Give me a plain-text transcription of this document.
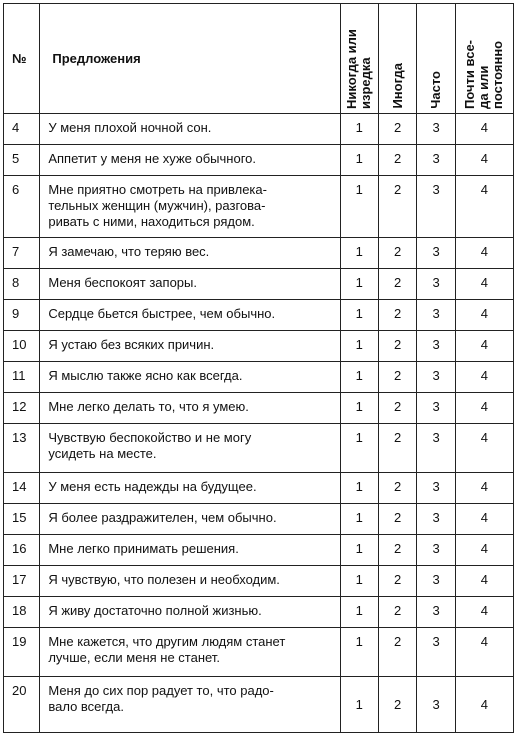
№	Предложения	Никогда или изредка	Иногда	Часто	Почти все-
да или
постоянно

4	У меня плохой ночной сон.	1	2	3	4
5	Аппетит у меня не хуже обычного.	1	2	3	4
6	Мне приятно смотреть на привлека-
тельных женщин (мужчин), разгова-
ривать с ними, находиться рядом.	1	2	3	4
7	Я замечаю, что теряю вес.	1	2	3	4
8	Меня беспокоят запоры.	1	2	3	4
9	Сердце бьется быстрее, чем обычно.	1	2	3	4
10	Я устаю без всяких причин.	1	2	3	4
11	Я мыслю также ясно как всегда.	1	2	3	4
12	Мне легко делать то, что я умею.	1	2	3	4
13	Чувствую беспокойство и не могу
усидеть на месте.	1	2	3	4
14	У меня есть надежды на будущее.	1	2	3	4
15	Я более раздражителен, чем обычно.	1	2	3	4
16	Мне легко принимать решения.	1	2	3	4
17	Я чувствую, что полезен и необходим.	1	2	3	4
18	Я живу достаточно полной жизнью.	1	2	3	4
19	Мне кажется, что другим людям станет
лучше, если меня не станет.	1	2	3	4
20	Меня до сих пор радует то, что радо-
вало всегда.	1	2	3	4
